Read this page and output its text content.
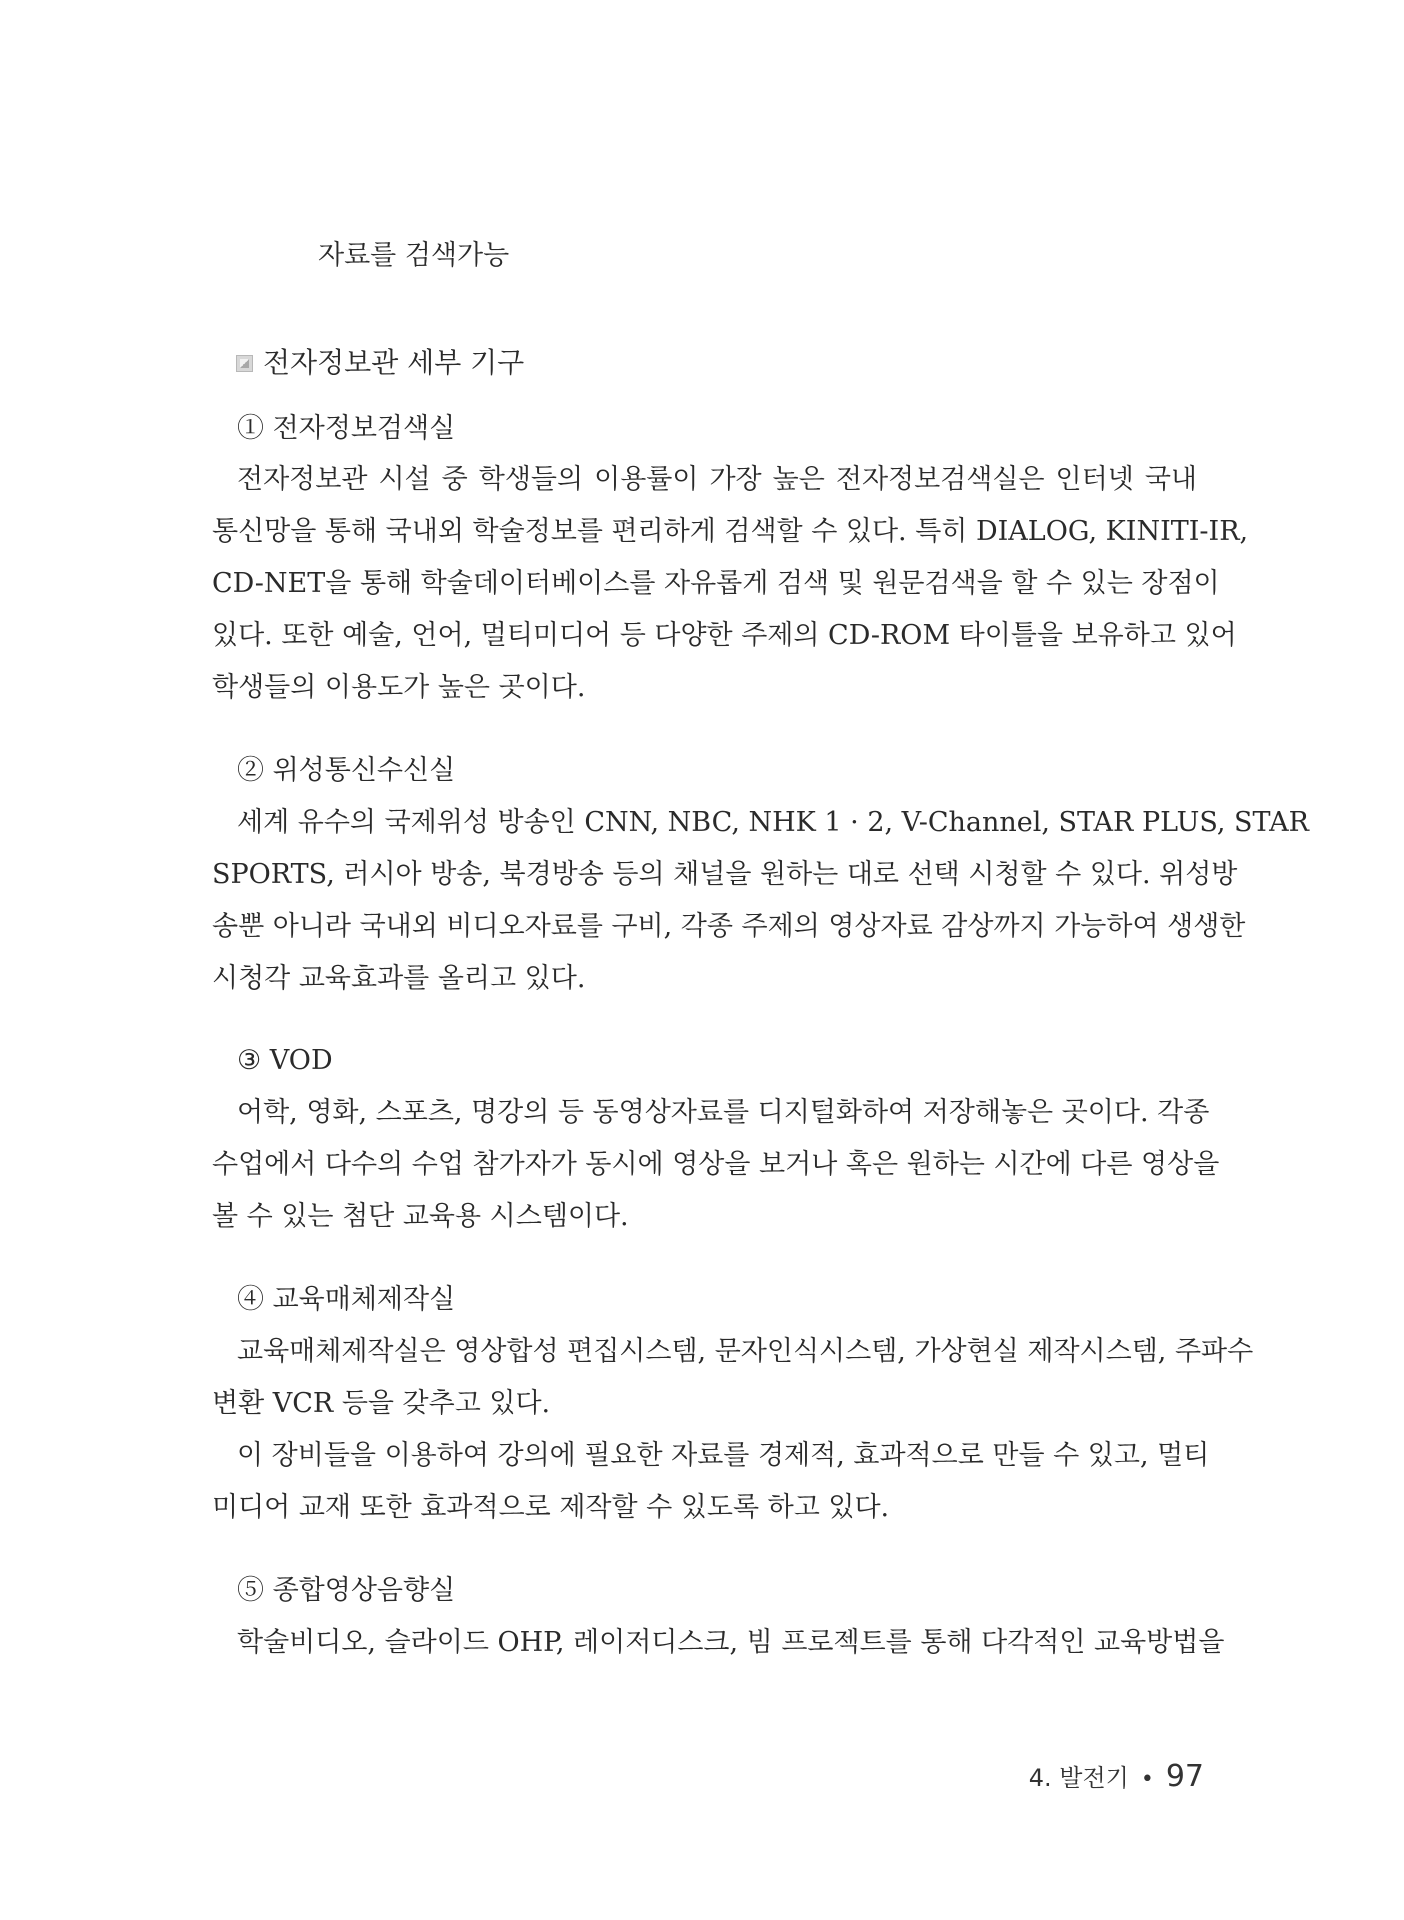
자료를 검색가능
전자정보관 세부 기구
① 전자정보검색실
전자정보관 시설 중 학생들의 이용률이 가장 높은 전자정보검색실은 인터넷 국내
통신망을 통해 국내외 학술정보를 편리하게 검색할 수 있다. 특히 DIALOG, KINITI-IR,
CD-NET을 통해 학술데이터베이스를 자유롭게 검색 및 원문검색을 할 수 있는 장점이
있다. 또한 예술, 언어, 멀티미디어 등 다양한 주제의 CD-ROM 타이틀을 보유하고 있어
학생들의 이용도가 높은 곳이다.
② 위성통신수신실
세계 유수의 국제위성 방송인 CNN, NBC, NHK 1 · 2, V-Channel, STAR PLUS, STAR
SPORTS, 러시아 방송, 북경방송 등의 채널을 원하는 대로 선택 시청할 수 있다. 위성방
송뿐 아니라 국내외 비디오자료를 구비, 각종 주제의 영상자료 감상까지 가능하여 생생한
시청각 교육효과를 올리고 있다.
③ VOD
어학, 영화, 스포츠, 명강의 등 동영상자료를 디지털화하여 저장해놓은 곳이다. 각종
수업에서 다수의 수업 참가자가 동시에 영상을 보거나 혹은 원하는 시간에 다른 영상을
볼 수 있는 첨단 교육용 시스템이다.
④ 교육매체제작실
교육매체제작실은 영상합성 편집시스템, 문자인식시스템, 가상현실 제작시스템, 주파수
변환 VCR 등을 갖추고 있다.
이 장비들을 이용하여 강의에 필요한 자료를 경제적, 효과적으로 만들 수 있고, 멀티
미디어 교재 또한 효과적으로 제작할 수 있도록 하고 있다.
⑤ 종합영상음향실
학술비디오, 슬라이드 OHP, 레이저디스크, 빔 프로젝트를 통해 다각적인 교육방법을
4. 발전기 • 97
